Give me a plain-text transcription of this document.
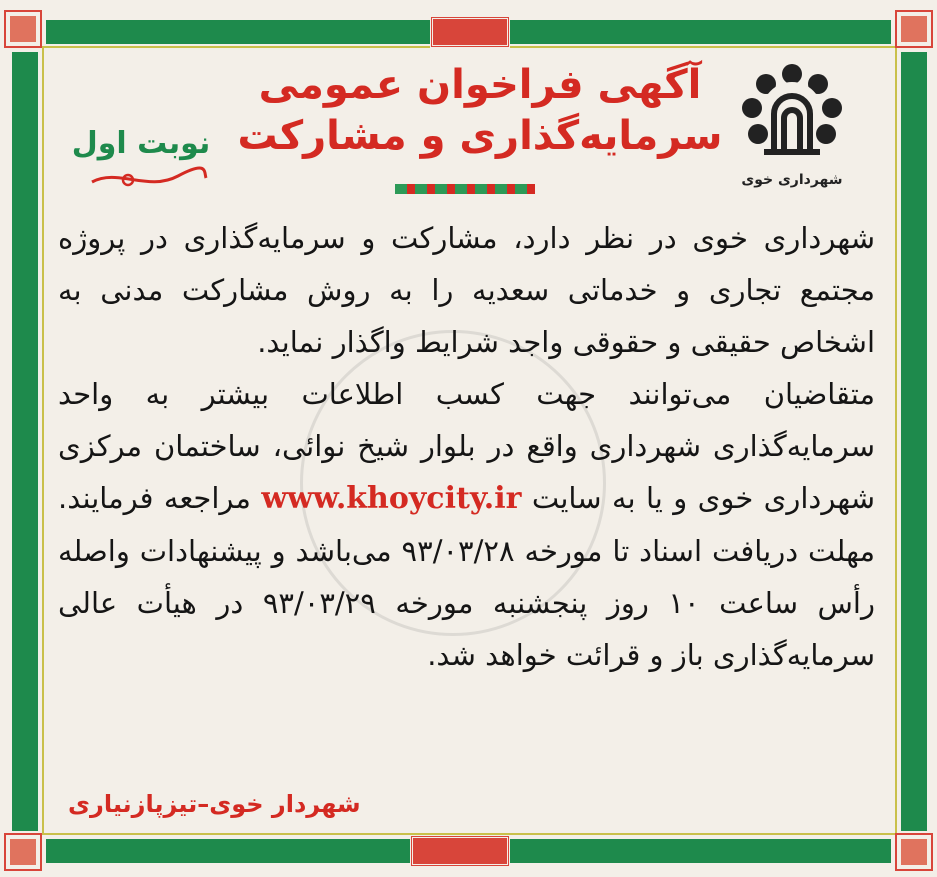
شهرداری خوی
آگهی فراخوان عمومی
سرمایه‌گذاری و مشارکت
نوبت اول

شهرداری خوی در نظر دارد، مشارکت و سرمایه‌گذاری در پروژه مجتمع تجاری و خدماتی سعدیه را به روش مشارکت مدنی به اشخاص حقیقی و حقوقی واجد شرایط واگذار نماید.

متقاضیان می‌توانند جهت کسب اطلاعات بیشتر به واحد سرمایه‌گذاری شهرداری واقع در بلوار شیخ نوائی، ساختمان مرکزی شهرداری خوی و یا به سایت www.khoycity.ir مراجعه فرمایند. مهلت دریافت اسناد تا مورخه ۹۳/۰۳/۲۸ می‌باشد و پیشنهادات واصله رأس ساعت ۱۰ روز پنجشنبه مورخه ۹۳/۰۳/۲۹ در هیأت عالی سرمایه‌گذاری باز و قرائت خواهد شد.

شهردار خوی–تیزپازنیاری
